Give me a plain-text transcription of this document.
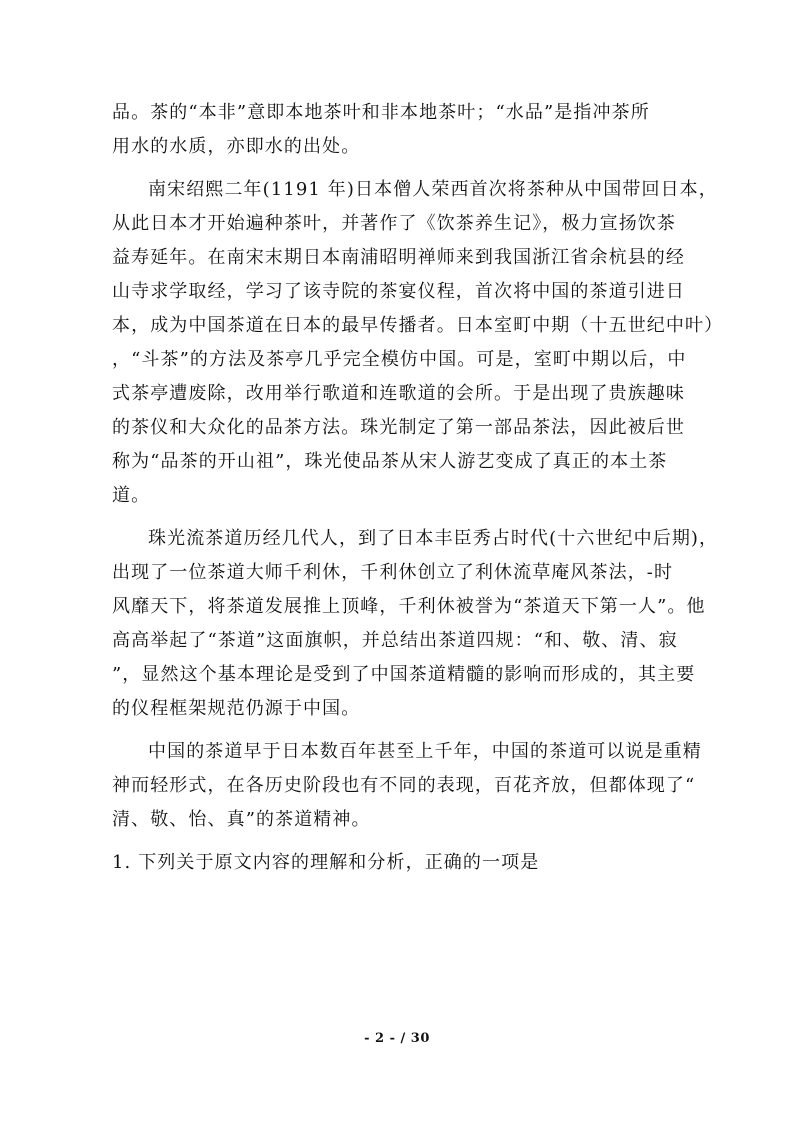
品。茶的“本非”意即本地茶叶和非本地茶叶；“水品”是指冲茶所
用水的水质，亦即水的出处。
南宋绍熙二年(1191 年)日本僧人荣西首次将茶种从中国带回日本，
从此日本才开始遍种茶叶，并著作了《饮茶养生记》，极力宣扬饮茶
益寿延年。在南宋末期日本南浦昭明禅师来到我国浙江省余杭县的经
山寺求学取经，学习了该寺院的茶宴仪程，首次将中国的茶道引进日
本，成为中国茶道在日本的最早传播者。日本室町中期（十五世纪中叶）
，“斗茶”的方法及茶亭几乎完全模仿中国。可是，室町中期以后，中
式茶亭遭废除，改用举行歌道和连歌道的会所。于是出现了贵族趣味
的茶仪和大众化的品茶方法。珠光制定了第一部品茶法，因此被后世
称为“品茶的开山祖”，珠光使品茶从宋人游艺变成了真正的本土茶
道。
珠光流茶道历经几代人，到了日本丰臣秀占时代(十六世纪中后期)，
出现了一位茶道大师千利休，千利休创立了利休流草庵风茶法，-时
风靡天下，将茶道发展推上顶峰，千利休被誉为“茶道天下第一人”。他
高高举起了“茶道”这面旗帜，并总结出茶道四规：“和、敬、清、寂
”，显然这个基本理论是受到了中国茶道精髓的影响而形成的，其主要
的仪程框架规范仍源于中国。
中国的茶道早于日本数百年甚至上千年，中国的茶道可以说是重精
神而轻形式，在各历史阶段也有不同的表现，百花齐放，但都体现了“
清、敬、怡、真”的茶道精神。
1. 下列关于原文内容的理解和分析，正确的一项是
- 2 - / 30
